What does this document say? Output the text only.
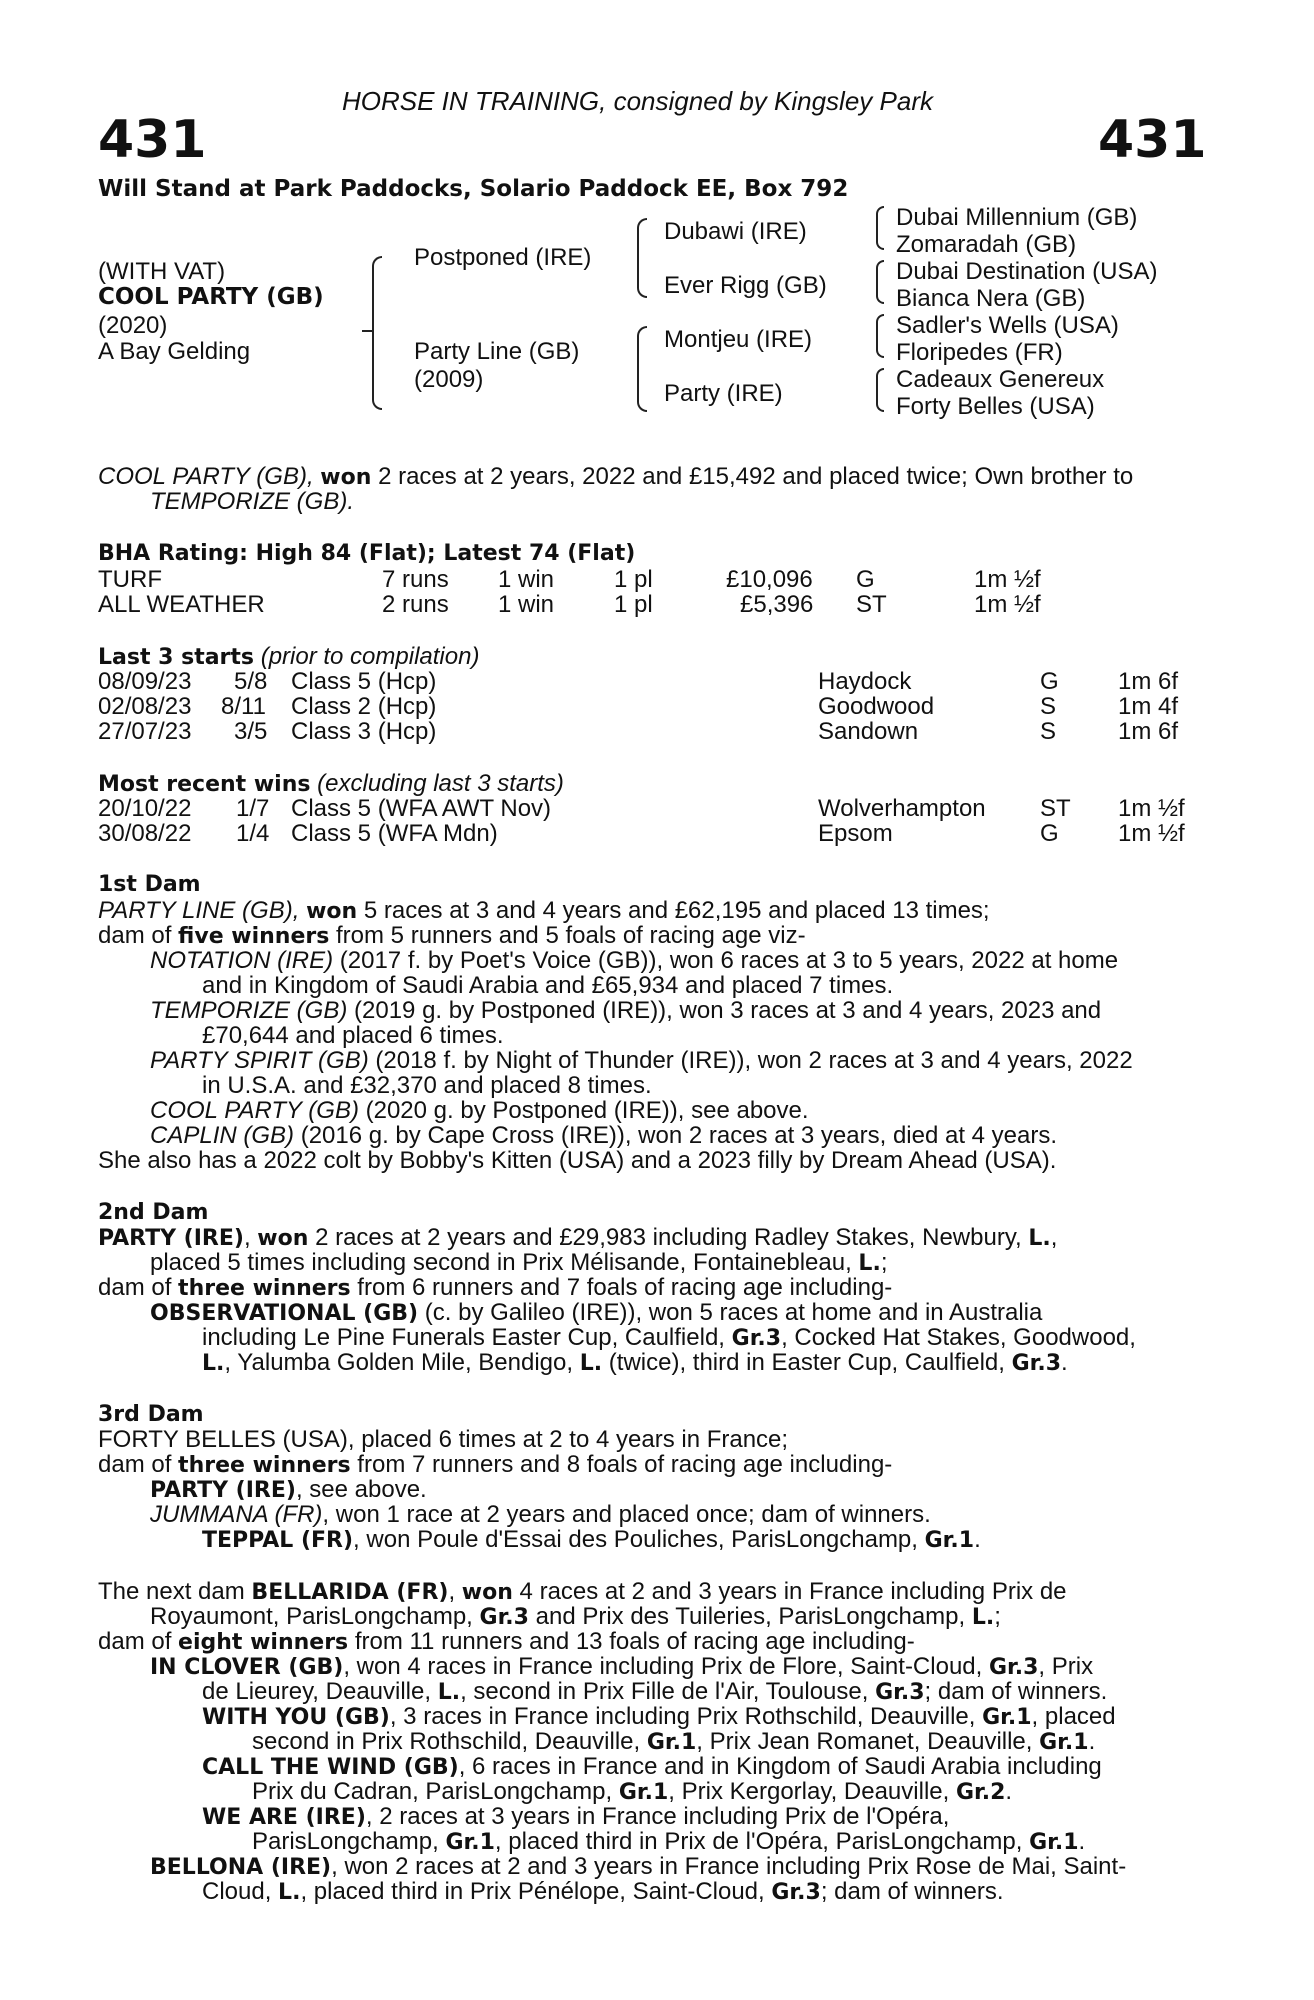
HORSE IN TRAINING, consigned by Kingsley Park
431	431
Will Stand at Park Paddocks, Solario Paddock EE, Box 792
(WITH VAT)
COOL PARTY (GB)
(2020)
A Bay Gelding
Postponed (IRE)
Party Line (GB)
(2009)
Dubawi (IRE)
Ever Rigg (GB)
Montjeu (IRE)
Party (IRE)
Dubai Millennium (GB)
Zomaradah (GB)
Dubai Destination (USA)
Bianca Nera (GB)
Sadler's Wells (USA)
Floripedes (FR)
Cadeaux Genereux
Forty Belles (USA)
COOL PARTY (GB), won 2 races at 2 years, 2022 and £15,492 and placed twice; Own brother to
TEMPORIZE (GB).
BHA Rating: High 84 (Flat); Latest 74 (Flat)
TURF	7 runs 1 win 1 pl	£10,096 G	1m ½f
ALL WEATHER	2 runs 1 win 1 pl	£5,396 ST	1m ½f
Last 3 starts (prior to compilation)
08/09/23 5/8 Class 5 (Hcp)	Haydock	G 1m 6f
02/08/23 8/11 Class 2 (Hcp)	Goodwood	S	1m 4f
27/07/23 3/5 Class 3 (Hcp)	Sandown	S	1m 6f
Most recent wins (excluding last 3 starts)
20/10/22 1/7 Class 5 (WFA AWT Nov)	Wolverhampton ST 1m ½f
30/08/22 1/4 Class 5 (WFA Mdn)	Epsom	G 1m ½f
1st Dam
PARTY LINE (GB), won 5 races at 3 and 4 years and £62,195 and placed 13 times;
dam of five winners from 5 runners and 5 foals of racing age viz-
NOTATION (IRE) (2017 f. by Poet's Voice (GB)), won 6 races at 3 to 5 years, 2022 at home
and in Kingdom of Saudi Arabia and £65,934 and placed 7 times.
TEMPORIZE (GB) (2019 g. by Postponed (IRE)), won 3 races at 3 and 4 years, 2023 and
£70,644 and placed 6 times.
PARTY SPIRIT (GB) (2018 f. by Night of Thunder (IRE)), won 2 races at 3 and 4 years, 2022
in U.S.A. and £32,370 and placed 8 times.
COOL PARTY (GB) (2020 g. by Postponed (IRE)), see above.
CAPLIN (GB) (2016 g. by Cape Cross (IRE)), won 2 races at 3 years, died at 4 years.
She also has a 2022 colt by Bobby's Kitten (USA) and a 2023 filly by Dream Ahead (USA).
2nd Dam
PARTY (IRE), won 2 races at 2 years and £29,983 including Radley Stakes, Newbury, L.,
placed 5 times including second in Prix Mélisande, Fontainebleau, L.;
dam of three winners from 6 runners and 7 foals of racing age including-
OBSERVATIONAL (GB) (c. by Galileo (IRE)), won 5 races at home and in Australia
including Le Pine Funerals Easter Cup, Caulfield, Gr.3, Cocked Hat Stakes, Goodwood,
L., Yalumba Golden Mile, Bendigo, L. (twice), third in Easter Cup, Caulfield, Gr.3.
3rd Dam
FORTY BELLES (USA), placed 6 times at 2 to 4 years in France;
dam of three winners from 7 runners and 8 foals of racing age including-
PARTY (IRE), see above.
JUMMANA (FR), won 1 race at 2 years and placed once; dam of winners.
TEPPAL (FR), won Poule d'Essai des Pouliches, ParisLongchamp, Gr.1.
The next dam BELLARIDA (FR), won 4 races at 2 and 3 years in France including Prix de
Royaumont, ParisLongchamp, Gr.3 and Prix des Tuileries, ParisLongchamp, L.;
dam of eight winners from 11 runners and 13 foals of racing age including-
IN CLOVER (GB), won 4 races in France including Prix de Flore, Saint-Cloud, Gr.3, Prix
de Lieurey, Deauville, L., second in Prix Fille de l'Air, Toulouse, Gr.3; dam of winners.
WITH YOU (GB), 3 races in France including Prix Rothschild, Deauville, Gr.1, placed
second in Prix Rothschild, Deauville, Gr.1, Prix Jean Romanet, Deauville, Gr.1.
CALL THE WIND (GB), 6 races in France and in Kingdom of Saudi Arabia including
Prix du Cadran, ParisLongchamp, Gr.1, Prix Kergorlay, Deauville, Gr.2.
WE ARE (IRE), 2 races at 3 years in France including Prix de l'Opéra,
ParisLongchamp, Gr.1, placed third in Prix de l'Opéra, ParisLongchamp, Gr.1.
BELLONA (IRE), won 2 races at 2 and 3 years in France including Prix Rose de Mai, Saint-
Cloud, L., placed third in Prix Pénélope, Saint-Cloud, Gr.3; dam of winners.
